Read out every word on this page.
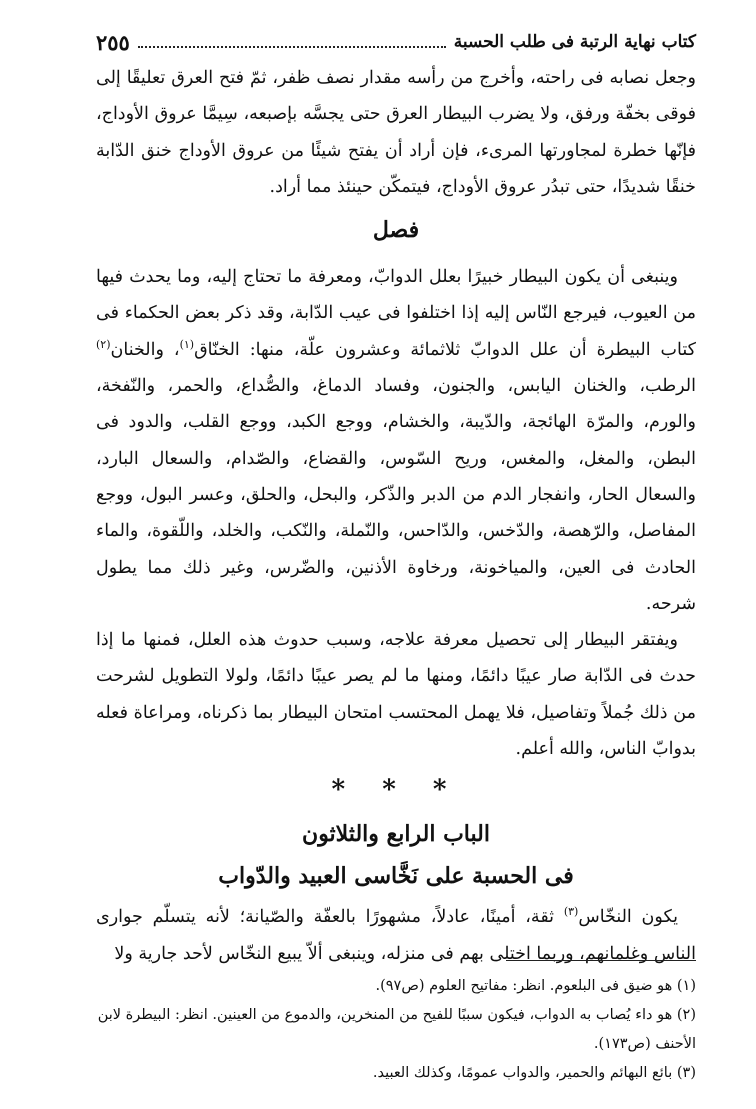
كتاب نهاية الرتبة فى طلب الحسبة
٢٥٥

وجعل نصابه فى راحته، وأخرج من رأسه مقدار نصف ظفر، ثمّ فتح العرق تعليقًا إلى فوقى بخفّة ورفق، ولا يضرب البيطار العرق حتى يجسَّه بإصبعه، سِيمَّا عروق الأوداج، فإنّها خطرة لمجاورتها المرىء، فإن أراد أن يفتح شيئًا من عروق الأوداج خنق الدّابة خنقًا شديدًا، حتى تبدُر عروق الأوداج، فيتمكّن حينئذ مما أراد.

فصل

وينبغى أن يكون البيطار خبيرًا بعلل الدوابّ، ومعرفة ما تحتاج إليه، وما يحدث فيها من العيوب، فيرجع النّاس إليه إذا اختلفوا فى عيب الدّابة، وقد ذكر بعض الحكماء فى كتاب البيطرة أن علل الدوابّ ثلاثمائة وعشرون علّة، منها: الخنّاق$^{(١)}$، والخنان$^{(٢)}$ الرطب، والخنان اليابس، والجنون، وفساد الدماغ، والصُّداع، والحمر، والنّفخة، والورم، والمرّة الهائجة، والدّيبة، والخشام، ووجع الكبد، ووجع القلب، والدود فى البطن، والمغل، والمغس، وريح السّوس، والقضاع، والصّدام، والسعال البارد، والسعال الحار، وانفجار الدم من الدبر والذّكر، والبحل، والحلق، وعسر البول، ووجع المفاصل، والرّهصة، والدّخس، والدّاحس، والنّملة، والنّكب، والخلد، واللّقوة، والماء الحادث فى العين، والمياخونة، ورخاوة الأذنين، والضّرس، وغير ذلك مما يطول شرحه.

ويفتقر البيطار إلى تحصيل معرفة علاجه، وسبب حدوث هذه العلل، فمنها ما إذا حدث فى الدّابة صار عيبًا دائمًا، ومنها ما لم يصر عيبًا دائمًا، ولولا التطويل لشرحت من ذلك جُملاً وتفاصيل، فلا يهمل المحتسب امتحان البيطار بما ذكرناه، ومراعاة فعله بدوابّ الناس، والله أعلم.

* * *
الباب الرابع والثلاثون
فى الحسبة على نَخَّاسى العبيد والدّواب

يكون النخّاس$^{(٣)}$ ثقة، أمينًا، عادلاً، مشهورًا بالعفّة والصّيانة؛ لأنه يتسلّم جوارى الناس وغلمانهم، وربما اختلى بهم فى منزله، وينبغى ألاّ يبيع النخّاس لأحد جارية ولا

(١) هو ضيق فى البلعوم. انظر: مفاتيح العلوم (ص٩٧).

(٢) هو داء يُصاب به الدواب، فيكون سببًا للفيح من المنخرين، والدموع من العينين. انظر: البيطرة لابن الأحنف (ص١٧٣).

(٣) بائع البهائم والحمير، والدواب عمومًا، وكذلك العبيد.
